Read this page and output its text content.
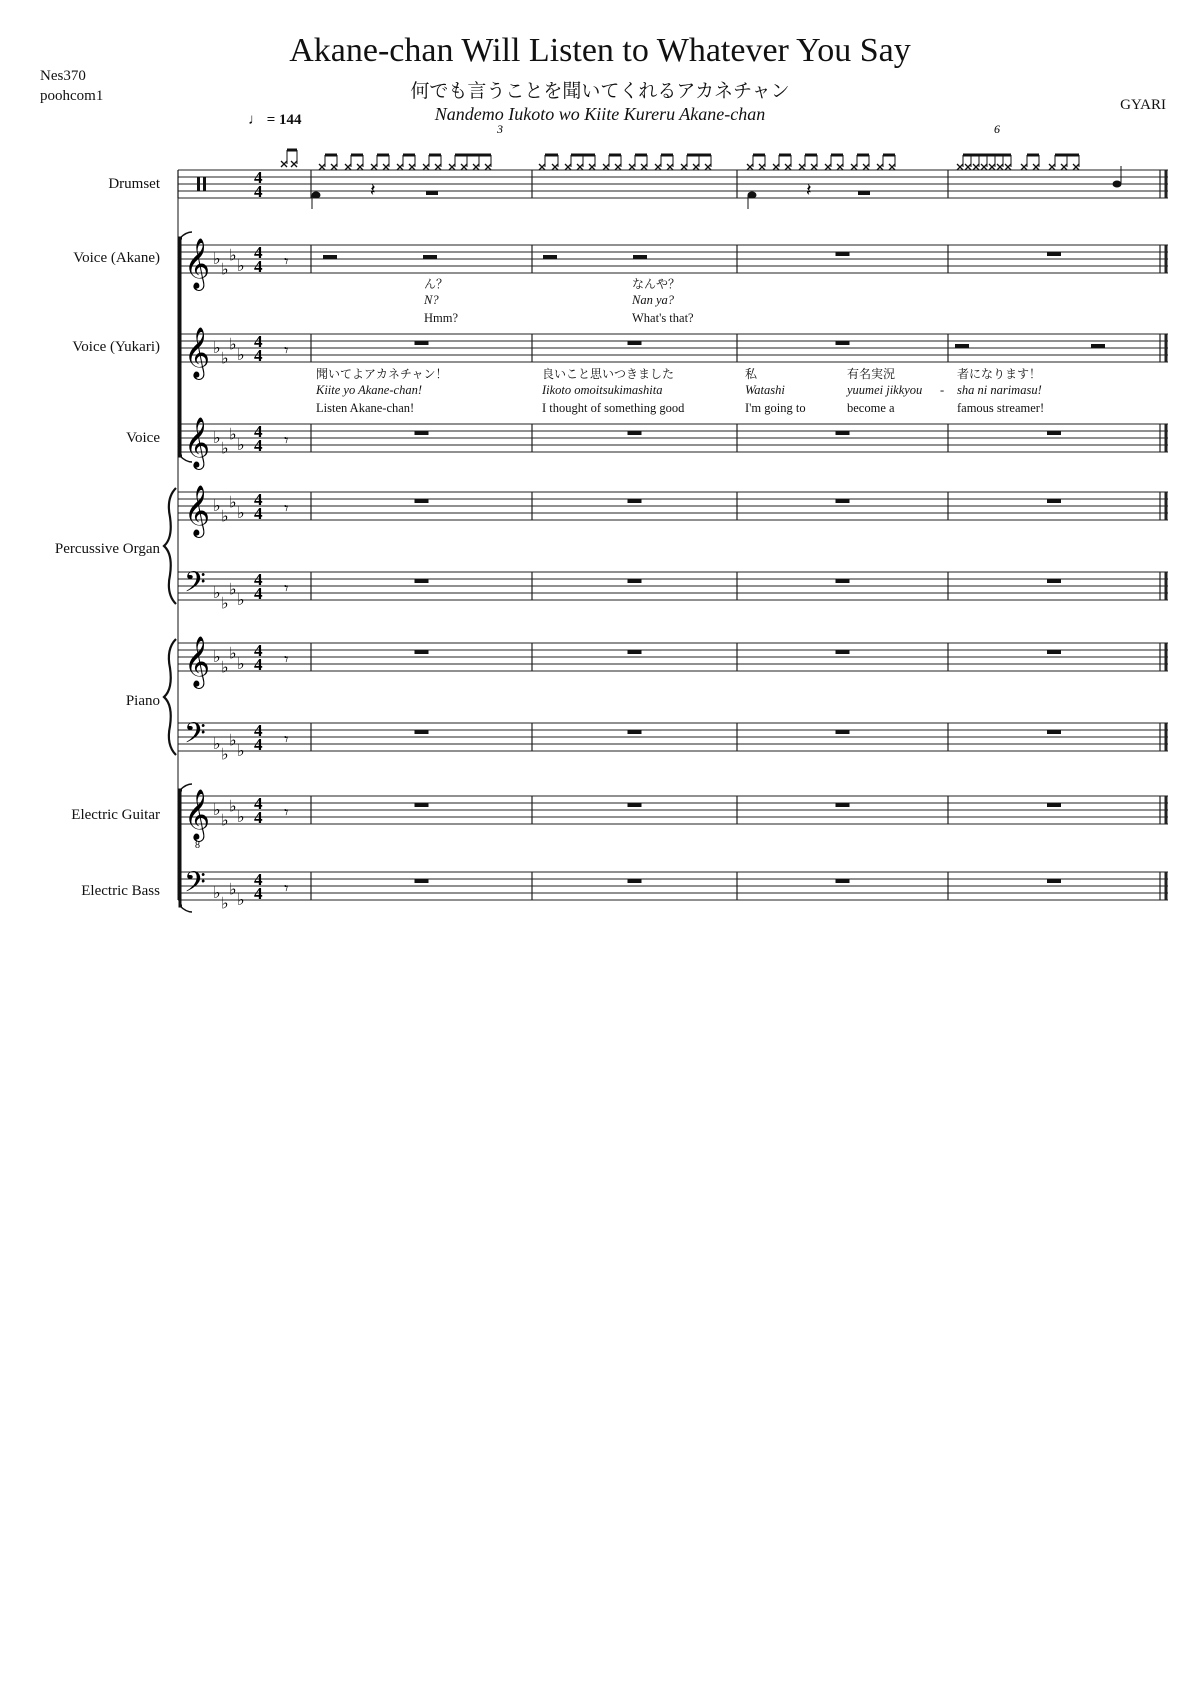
Akane-chan Will Listen to Whatever You Say
何でも言うことを聞いてくれるアカネチャン
Nandemo Iukoto wo Kiite Kureru Akane-chan
Nes370
poohcom1
GYARI
♩ = 144
Drumset
Voice (Akane)
Voice (Yukari)
Voice
Percussive Organ
Piano
Electric Guitar
Electric Bass
ん？
N?
Hmm?
なんや？
Nan ya?
What's that?
聞いてよアカネチャン！
Kiite yo Akane-chan!
Listen Akane-chan!
良いこと思いつきました
Iikoto omoitsukimashita
I thought of something good
私
Watashi
I'm going to
有名実況
yuumei jikkyou -
become a
者になります！
sha ni narimasu!
famous streamer!
𝄞
𝄞
𝄞
𝄞
𝄢
𝄞
𝄢
𝄞
𝄢
♭
♭
♭
♭
♭
♭
♭
♭
♭
♭
♭
♭
♭
♭
♭
♭
♭
♭
♭
♭
♭
♭
♭
♭
♭
♭
♭
♭
♭
♭
♭
♭
♭
♭
♭
♭
4
4
4
4
4
4
4
4
4
4
4
4
4
4
4
4
4
4
4
4
𝄾
𝄾
𝄾
𝄾
𝄾
𝄾
𝄾
𝄾
𝄾
𝄽	𝄽
3	6
8
